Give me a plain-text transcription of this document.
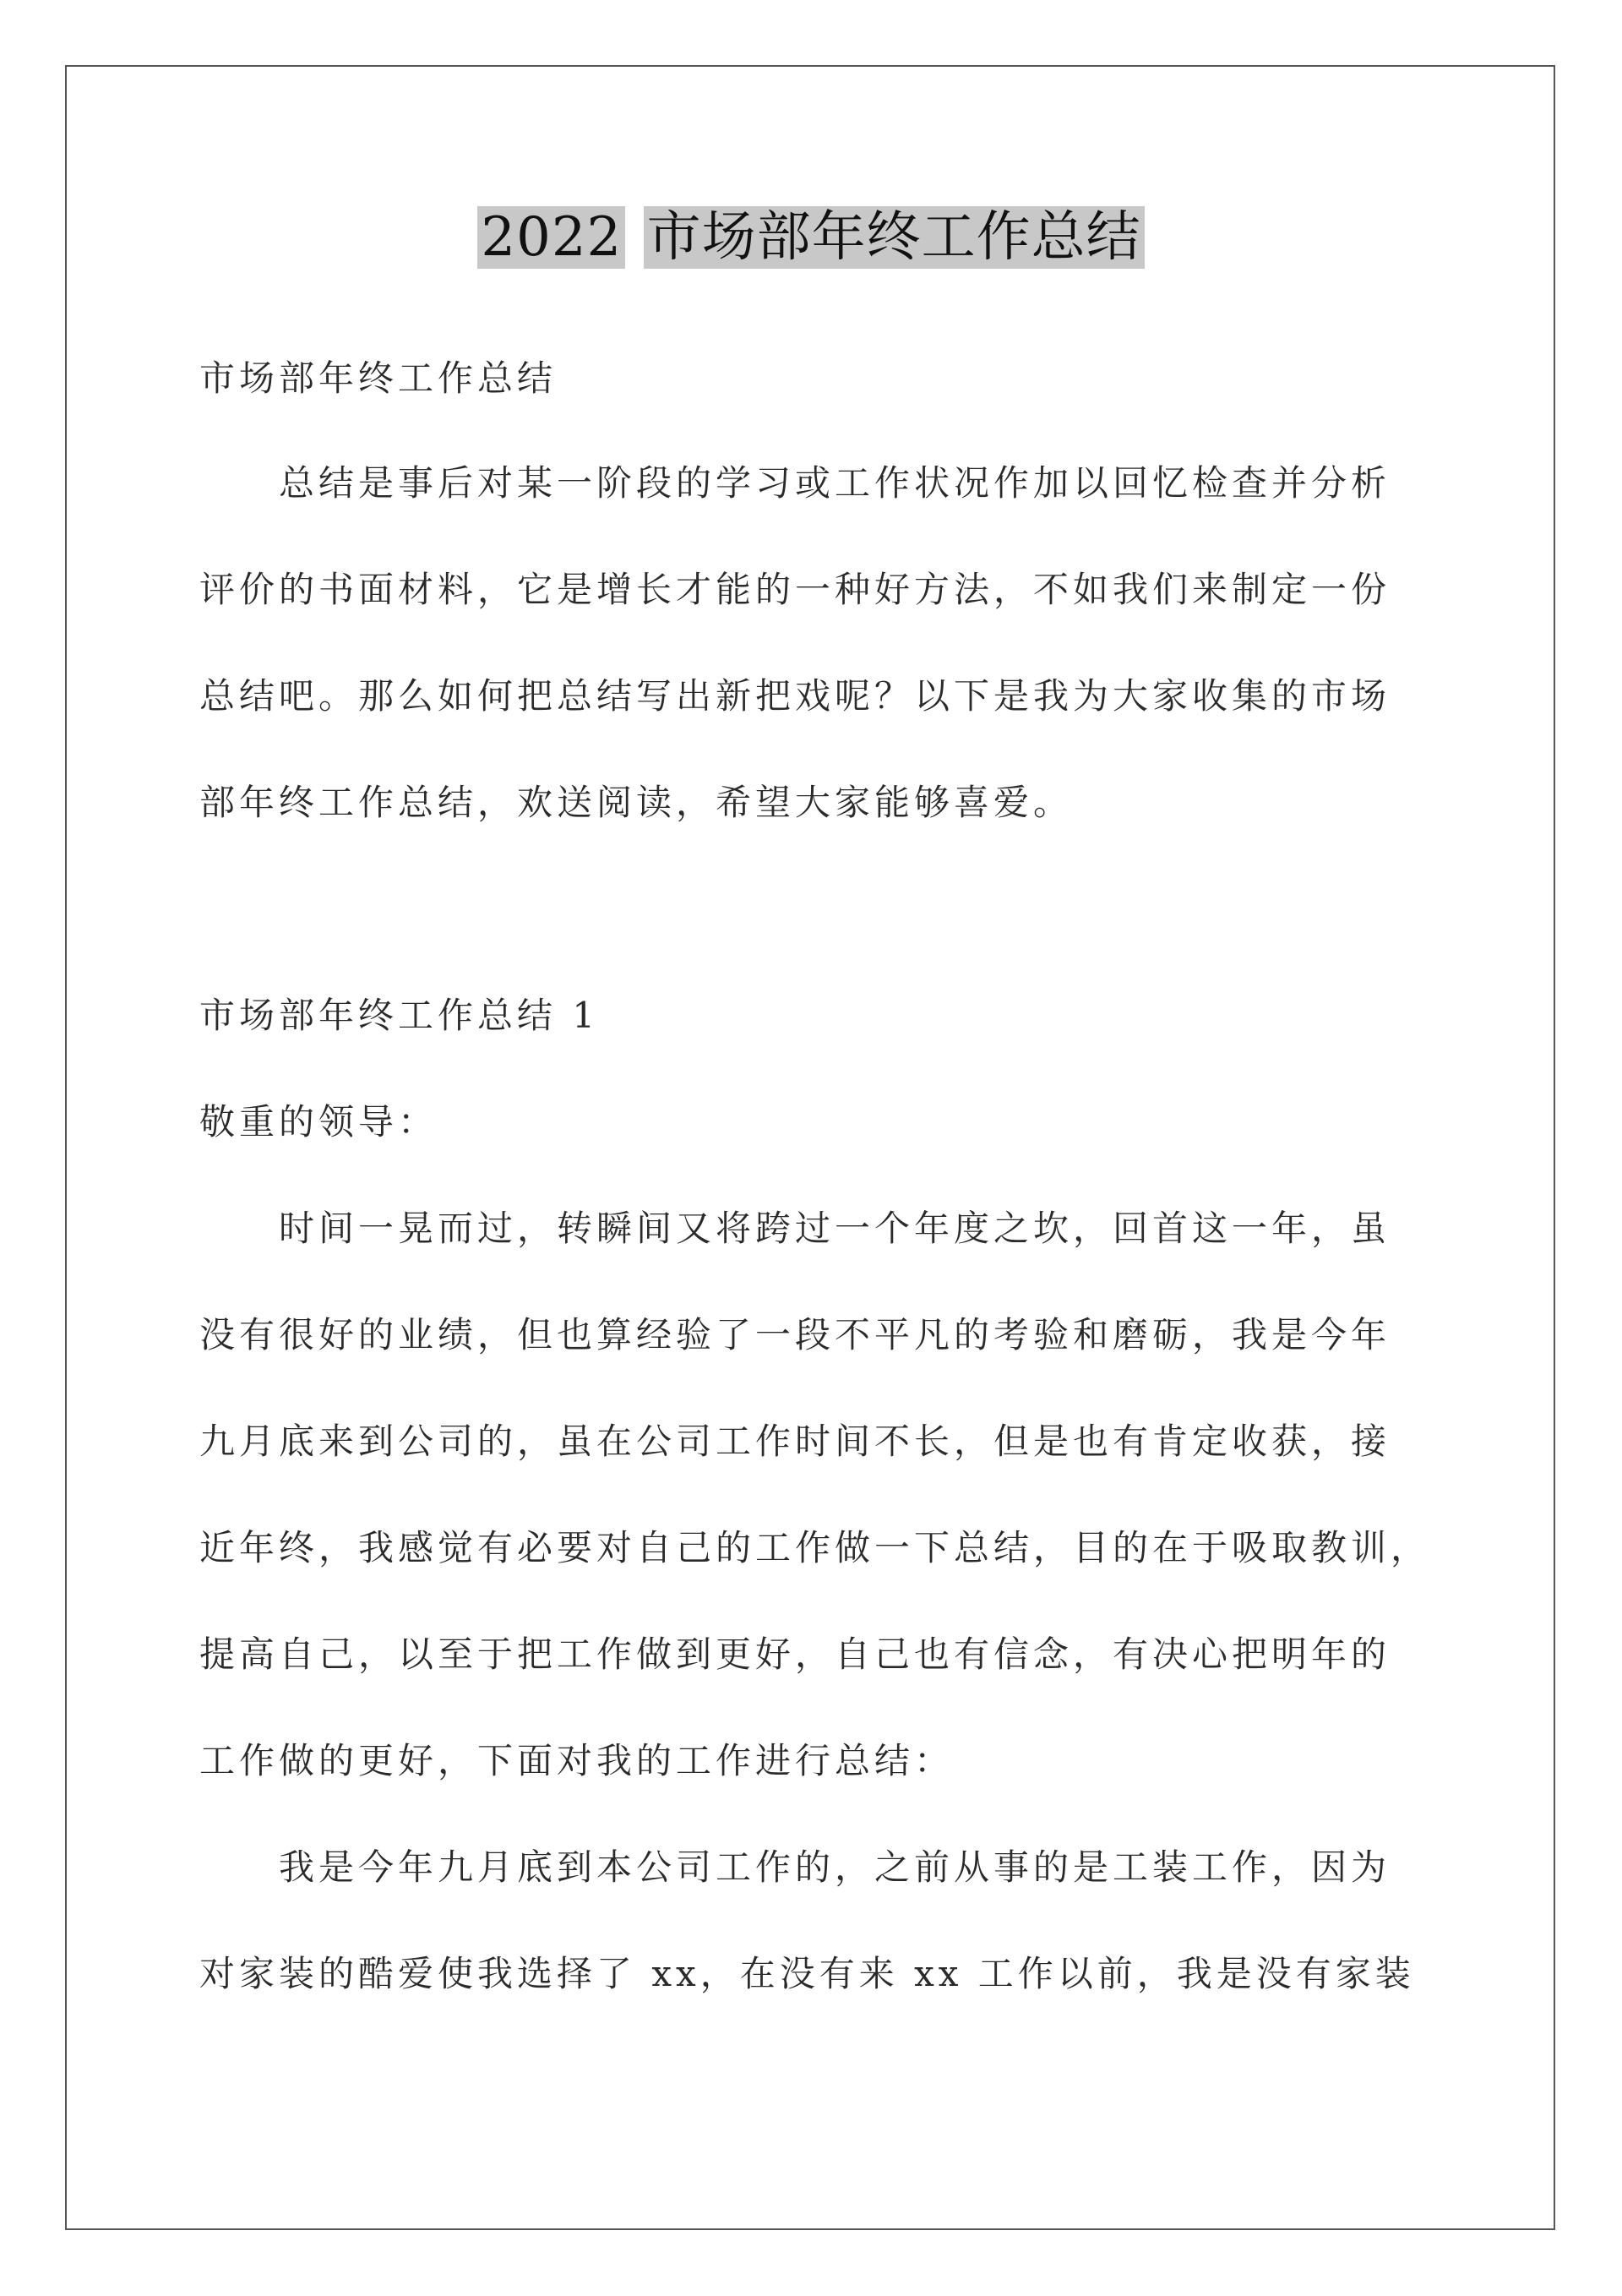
2022 市场部年终工作总结
市场部年终工作总结
总结是事后对某一阶段的学习或工作状况作加以回忆检查并分析
评价的书面材料，它是增长才能的一种好方法，不如我们来制定一份
总结吧。那么如何把总结写出新把戏呢？以下是我为大家收集的市场
部年终工作总结，欢送阅读，希望大家能够喜爱。
市场部年终工作总结 1
敬重的领导：
时间一晃而过，转瞬间又将跨过一个年度之坎，回首这一年，虽
没有很好的业绩，但也算经验了一段不平凡的考验和磨砺，我是今年
九月底来到公司的，虽在公司工作时间不长，但是也有肯定收获，接
近年终，我感觉有必要对自己的工作做一下总结，目的在于吸取教训，
提高自己，以至于把工作做到更好，自己也有信念，有决心把明年的
工作做的更好，下面对我的工作进行总结：
我是今年九月底到本公司工作的，之前从事的是工装工作，因为
对家装的酷爱使我选择了 xx，在没有来 xx 工作以前，我是没有家装
